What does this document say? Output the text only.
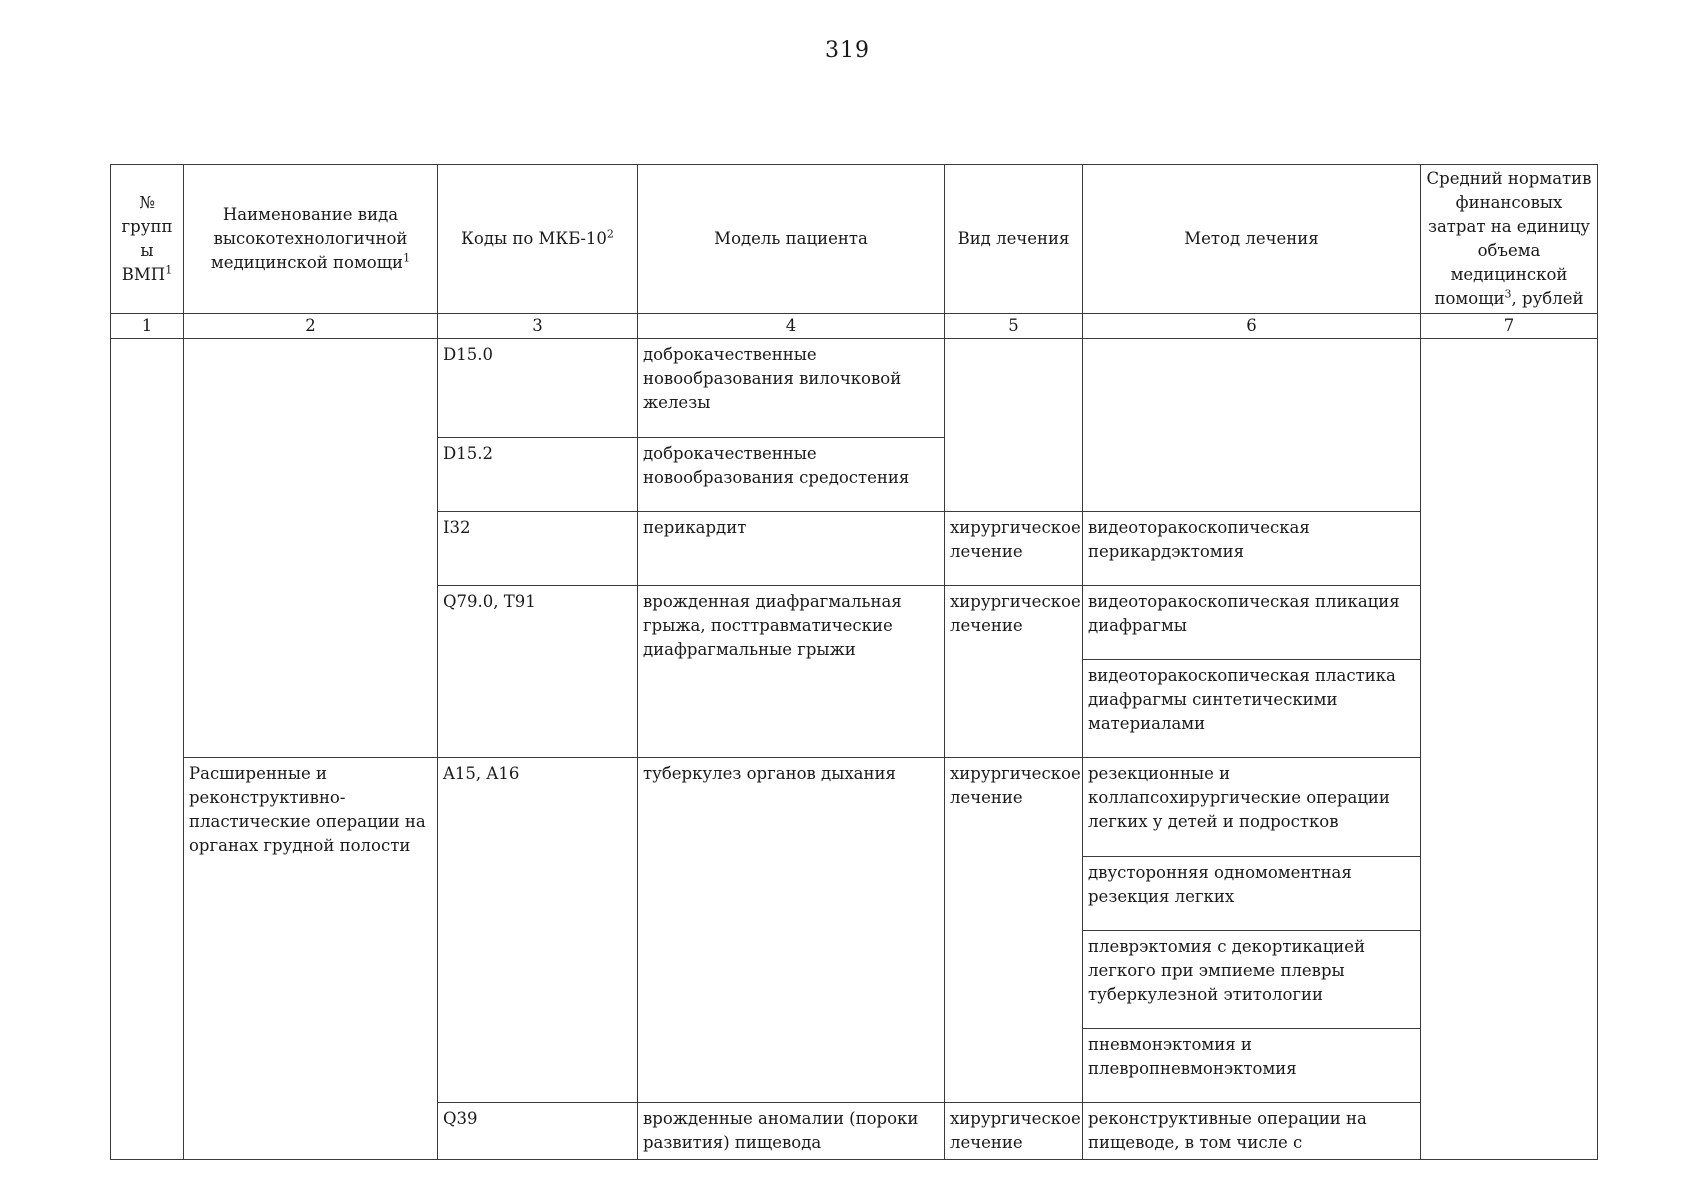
319
№ групп ы ВМП$^1$	Наименование вида высокотехнологичной медицинской помощи$^1$	Коды по МКБ-$10^2$	Модель пациента	Вид лечения	Метод лечения	Средний норматив финансовых затрат на единицу объема медицинской помощи$^3$, рублей
1	2	3	4	5	6	7
		D15.0	доброкачественные новообразования вилочковой железы			
		D15.2	доброкачественные новообразования средостения			
		I32	перикардит	хирургическое лечение	видеоторакоскопическая перикардэктомия	
		Q79.0, T91	врожденная диафрагмальная грыжа, посттравматические диафрагмальные грыжи	хирургическое лечение	видеоторакоскопическая пликация диафрагмы	
					видеоторакоскопическая пластика диафрагмы синтетическими материалами	
	Расширенные и реконструктивно-пластические операции на органах грудной полости	A15, A16	туберкулез органов дыхания	хирургическое лечение	резекционные и коллапсохирургические операции легких у детей и подростков	
					двусторонняя одномоментная резекция легких	
					плеврэктомия с декортикацией легкого при эмпиеме плевры туберкулезной этитологии	
					пневмонэктомия и плевропневмонэктомия	
		Q39	врожденные аномалии (пороки развития) пищевода	хирургическое лечение	реконструктивные операции на пищеводе, в том числе с	
